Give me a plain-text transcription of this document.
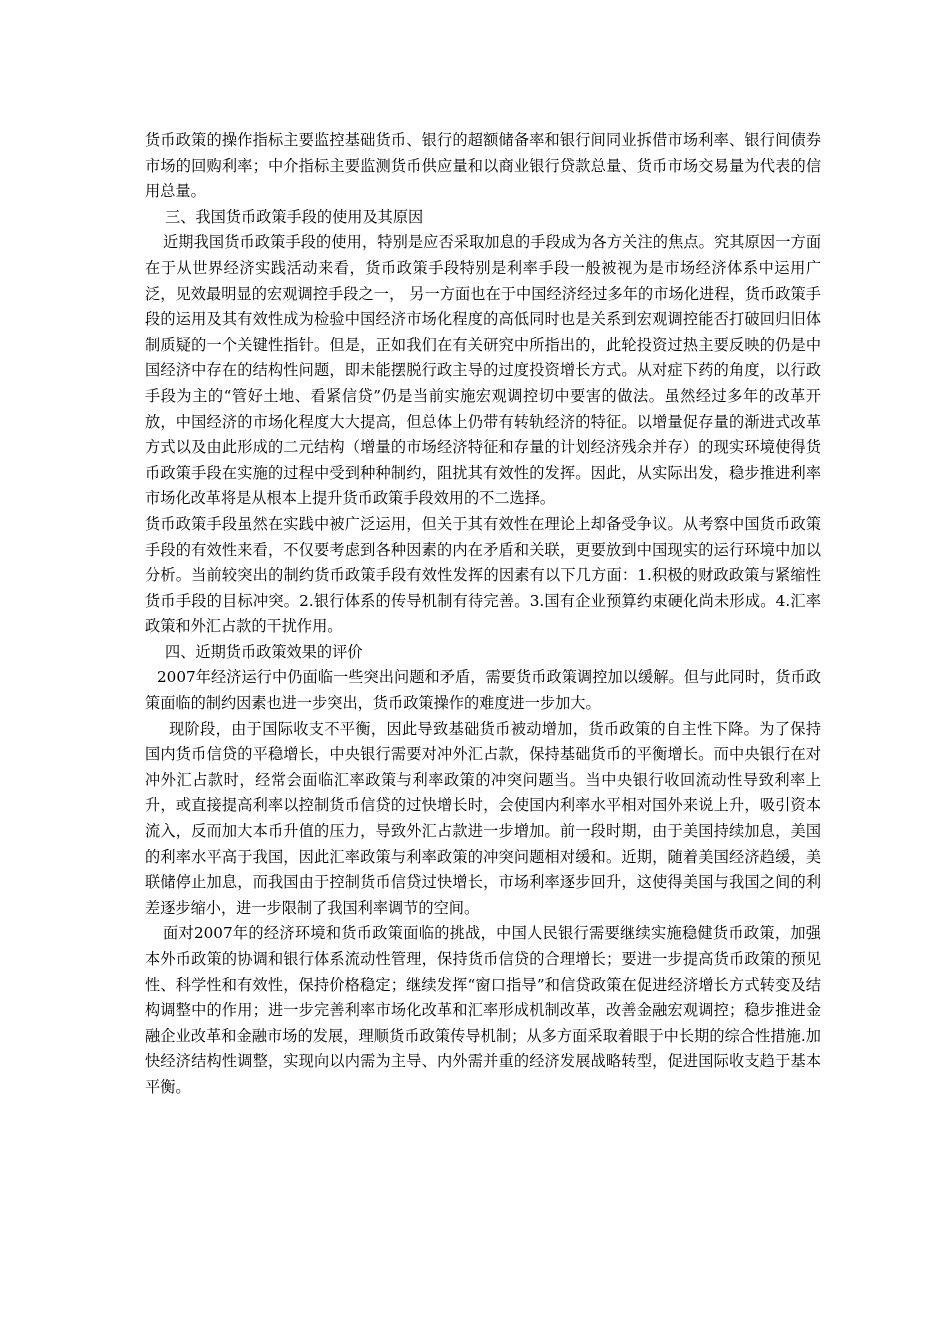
货币政策的操作指标主要监控基础货币、银行的超额储备率和银行间同业拆借市场利率、银行间债券市场的回购利率；中介指标主要监测货币供应量和以商业银行贷款总量、货币市场交易量为代表的信用总量。

三、我国货币政策手段的使用及其原因

近期我国货币政策手段的使用，特别是应否采取加息的手段成为各方关注的焦点。究其原因一方面在于从世界经济实践活动来看，货币政策手段特别是利率手段一般被视为是市场经济体系中运用广泛，见效最明显的宏观调控手段之一， 另一方面也在于中国经济经过多年的市场化进程，货币政策手段的运用及其有效性成为检验中国经济市场化程度的高低同时也是关系到宏观调控能否打破回归旧体制质疑的一个关键性指针。但是，正如我们在有关研究中所指出的，此轮投资过热主要反映的仍是中国经济中存在的结构性问题，即未能摆脱行政主导的过度投资增长方式。从对症下药的角度，以行政手段为主的“管好土地、看紧信贷”仍是当前实施宏观调控切中要害的做法。虽然经过多年的改革开放，中国经济的市场化程度大大提高，但总体上仍带有转轨经济的特征。以增量促存量的渐进式改革方式以及由此形成的二元结构（增量的市场经济特征和存量的计划经济残余并存）的现实环境使得货币政策手段在实施的过程中受到种种制约，阻扰其有效性的发挥。因此，从实际出发，稳步推进利率市场化改革将是从根本上提升货币政策手段效用的不二选择。

货币政策手段虽然在实践中被广泛运用，但关于其有效性在理论上却备受争议。从考察中国货币政策手段的有效性来看，不仅要考虑到各种因素的内在矛盾和关联，更要放到中国现实的运行环境中加以分析。当前较突出的制约货币政策手段有效性发挥的因素有以下几方面：1.积极的财政政策与紧缩性货币手段的目标冲突。2.银行体系的传导机制有待完善。3.国有企业预算约束硬化尚未形成。4.汇率政策和外汇占款的干扰作用。

四、近期货币政策效果的评价

2007年经济运行中仍面临一些突出问题和矛盾，需要货币政策调控加以缓解。但与此同时，货币政策面临的制约因素也进一步突出，货币政策操作的难度进一步加大。

现阶段，由于国际收支不平衡，因此导致基础货币被动增加，货币政策的自主性下降。为了保持国内货币信贷的平稳增长，中央银行需要对冲外汇占款，保持基础货币的平衡增长。而中央银行在对冲外汇占款时，经常会面临汇率政策与利率政策的冲突问题当。当中央银行收回流动性导致利率上升，或直接提高利率以控制货币信贷的过快增长时，会使国内利率水平相对国外来说上升，吸引资本流入，反而加大本币升值的压力，导致外汇占款进一步增加。前一段时期，由于美国持续加息，美国的利率水平高于我国，因此汇率政策与利率政策的冲突问题相对缓和。近期，随着美国经济趋缓，美联储停止加息，而我国由于控制货币信贷过快增长，市场利率逐步回升，这使得美国与我国之间的利差逐步缩小，进一步限制了我国利率调节的空间。

面对2007年的经济环境和货币政策面临的挑战，中国人民银行需要继续实施稳健货币政策，加强本外币政策的协调和银行体系流动性管理，保持货币信贷的合理增长；要进一步提高货币政策的预见性、科学性和有效性，保持价格稳定；继续发挥“窗口指导”和信贷政策在促进经济增长方式转变及结构调整中的作用；进一步完善利率市场化改革和汇率形成机制改革，改善金融宏观调控；稳步推进金融企业改革和金融市场的发展，理顺货币政策传导机制；从多方面采取着眼于中长期的综合性措施.加快经济结构性调整，实现向以内需为主导、内外需并重的经济发展战略转型，促进国际收支趋于基本平衡。
